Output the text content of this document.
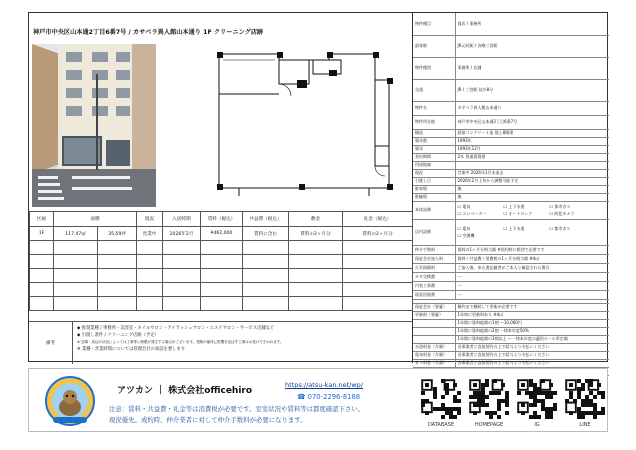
神戸市中央区山本通2丁目6番7号 / カサベラ異人館山本通り 1F クリーニング店跡
区画	面積		現況	入居時期	賃料（税込）	共益費（税込）	敷金	礼金（税込）
1F	117.47㎡	35.59坪	営業中	2026年2月	¥462,000	賃料に含む	賃料の2ヶ月分	賃料の2ヶ月分

備考
◆ 推奨業種 / 事務所・美容室・ネイルサロン・アイラッシュサロン・エステサロン・サービス店舗など
◆ 引渡し条件 / クリーニング店跡（予定）
※ 近隣・周辺の状況によっては工事等に制限が発生する場合がございます。建物の躯体に影響を及ぼす工事はお受けできかねます。
※ 業種・営業時間については管理会社の承認を要します
物件種目	貸店 / 事務所
最寄駅	JR元町駅 / 各線三宮駅
物件種別	事務所 / 店舗
交通	JR / 三宮駅 徒歩8分
物件名	カサベラ異人館山本通り
物件所在地	神戸市中央区山本通2丁目6番7号
構造	鉄筋コンクリート造 地上8階建
築年数	1993年
築年	1993年12月
契約期間	2年 普通賃貸借
用途地域	
現況	営業中 2026年1月末退去
引渡し日	2026年2月上旬から調整可能予定
駐車場	無
駐輪場	無
本体設備	☐ 電気 ☐ 上下水道 ☐ 都市ガス
☐ エレベーター ☐ オートロック ☐ 防犯カメラ

店内設備	☐ 電気 ☐ 上下水道 ☐ 都市ガス
☐ 空調機
仲介手数料	賃料の1ヶ月分相当額 ※契約時に税別で必要です
保証会社加入料	賃料＋共益費＋消費税の1ヶ月分相当額 ※4㎡
火災保険料	ご加入後、申込書記載者がご本人と確認された場合
カギ交換費	ー
内装工事費	ー
現状回復費	ー

保証会社（要審）	解約まで継続して更新が必要です
更新料（要審）	1年毎に更新料あり ※4㎡
	1年間に賃料総額の1割 ～10,000円
	1年間に賃料総額の2割 一律本年度50%
	1年間に賃料総額の3割以上 ～一律本年度の適用ルール所定額
水道料金（月額）	各事業者と直接契約の上で給与より支払いください
電気料金（月額）	各事業者と直接契約の上で給与より支払いください
ガス料金（月額）	各事業者と直接契約の上で給与より支払いください

アツカン ｜ 株式会社officehiro
https://atsu-kan.net/wp/
☎ 070-2296-8188
注意：賃料・共益費・礼金等は消費税が必要です。室室状況や賃料等は都度確認下さい。
現況優先。成約時、仲介業者に対して仲介手数料が必要になります。
DATABASE	HOMEPAGE	IG	LINE
